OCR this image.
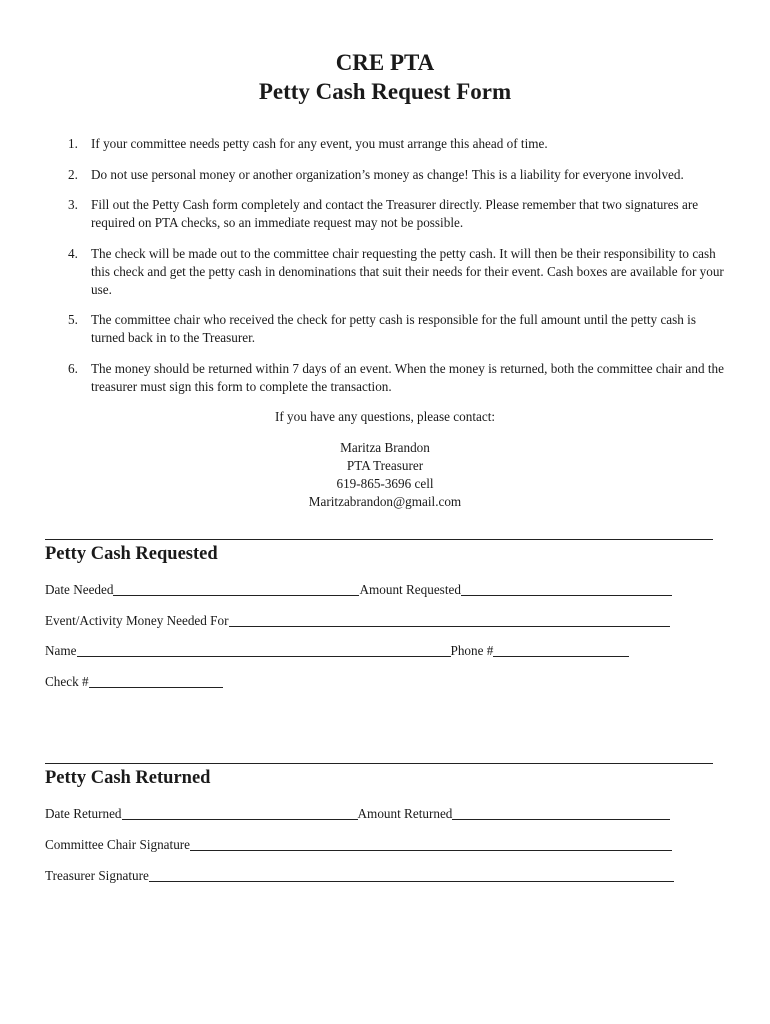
CRE PTA
Petty Cash Request Form
1. If your committee needs petty cash for any event, you must arrange this ahead of time.
2. Do not use personal money or another organization’s money as change! This is a liability for everyone involved.
3. Fill out the Petty Cash form completely and contact the Treasurer directly. Please remember that two signatures are required on PTA checks, so an immediate request may not be possible.
4. The check will be made out to the committee chair requesting the petty cash. It will then be their responsibility to cash this check and get the petty cash in denominations that suit their needs for their event. Cash boxes are available for your use.
5. The committee chair who received the check for petty cash is responsible for the full amount until the petty cash is turned back in to the Treasurer.
6. The money should be returned within 7 days of an event. When the money is returned, both the committee chair and the treasurer must sign this form to complete the transaction.
If you have any questions, please contact:
Maritza Brandon
PTA Treasurer
619-865-3696 cell
Maritzabrandon@gmail.com
Petty Cash Requested
Date Needed	Amount Requested
Event/Activity Money Needed For
Name	Phone #
Check #
Petty Cash Returned
Date Returned	Amount Returned
Committee Chair Signature
Treasurer Signature
